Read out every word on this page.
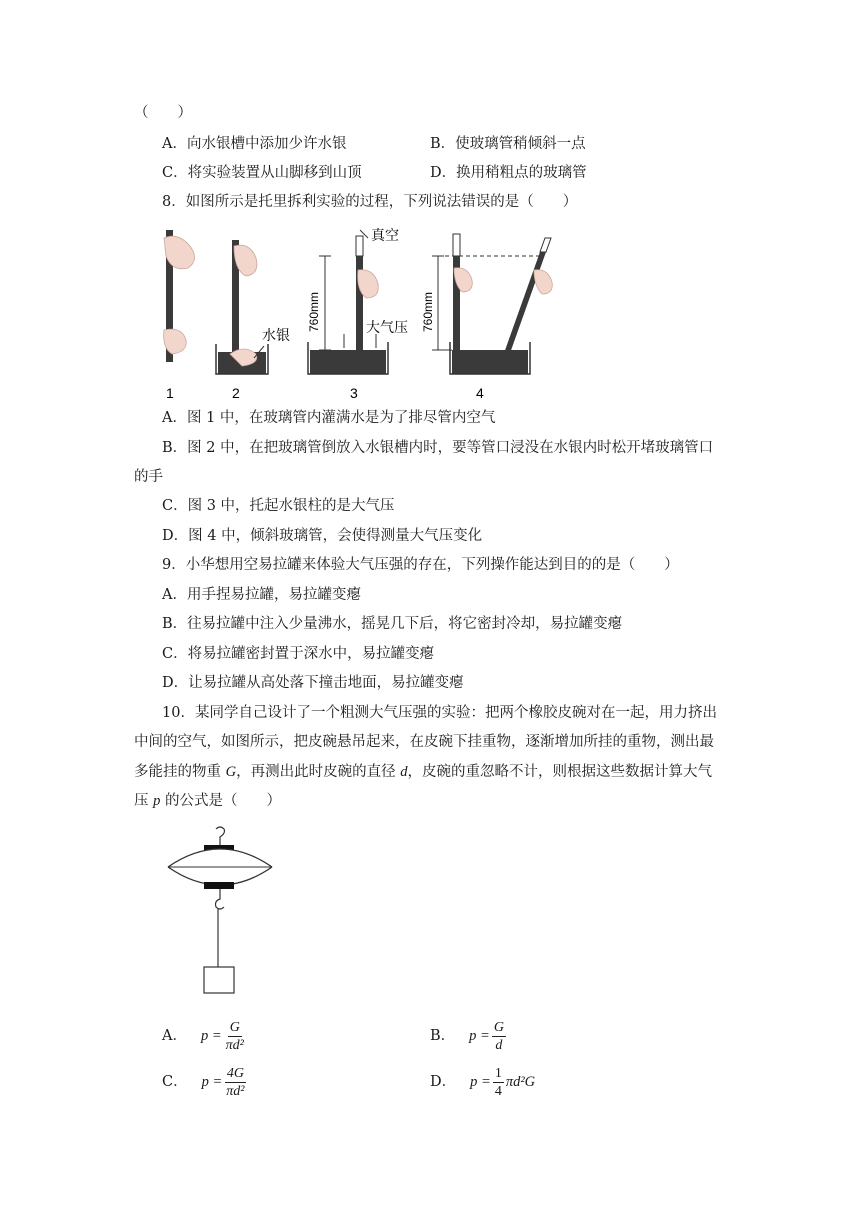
（　　）
A．向水银槽中添加少许水银	B．使玻璃管稍倾斜一点
C．将实验装置从山脚移到山顶	D．换用稍粗点的玻璃管
8．如图所示是托里拆利实验的过程，下列说法错误的是（　　）
1
水银
2
真空
大气压
760mm
3
760mm
4
A．图 1 中，在玻璃管内灌满水是为了排尽管内空气
B．图 2 中，在把玻璃管倒放入水银槽内时，要等管口浸没在水银内时松开堵玻璃管口
的手
C．图 3 中，托起水银柱的是大气压
D．图 4 中，倾斜玻璃管，会使得测量大气压变化
9．小华想用空易拉罐来体验大气压强的存在，下列操作能达到目的的是（　　）
A．用手捏易拉罐，易拉罐变瘪
B．往易拉罐中注入少量沸水，摇晃几下后，将它密封冷却，易拉罐变瘪
C．将易拉罐密封置于深水中，易拉罐变瘪
D．让易拉罐从高处落下撞击地面，易拉罐变瘪
10．某同学自己设计了一个粗测大气压强的实验：把两个橡胶皮碗对在一起，用力挤出
中间的空气，如图所示，把皮碗悬吊起来，在皮碗下挂重物，逐渐增加所挂的重物，测出最
多能挂的物重 G，再测出此时皮碗的直径 d，皮碗的重忽略不计，则根据这些数据计算大气
压 p 的公式是（　　）
A． $p = \frac{G}{\text{πd²}}$	B． $p = \frac{G}{d}$
C． $p = \frac{4G}{\text{πd²}}$	D． $p = \frac{1}{4} \pi d^2G$
